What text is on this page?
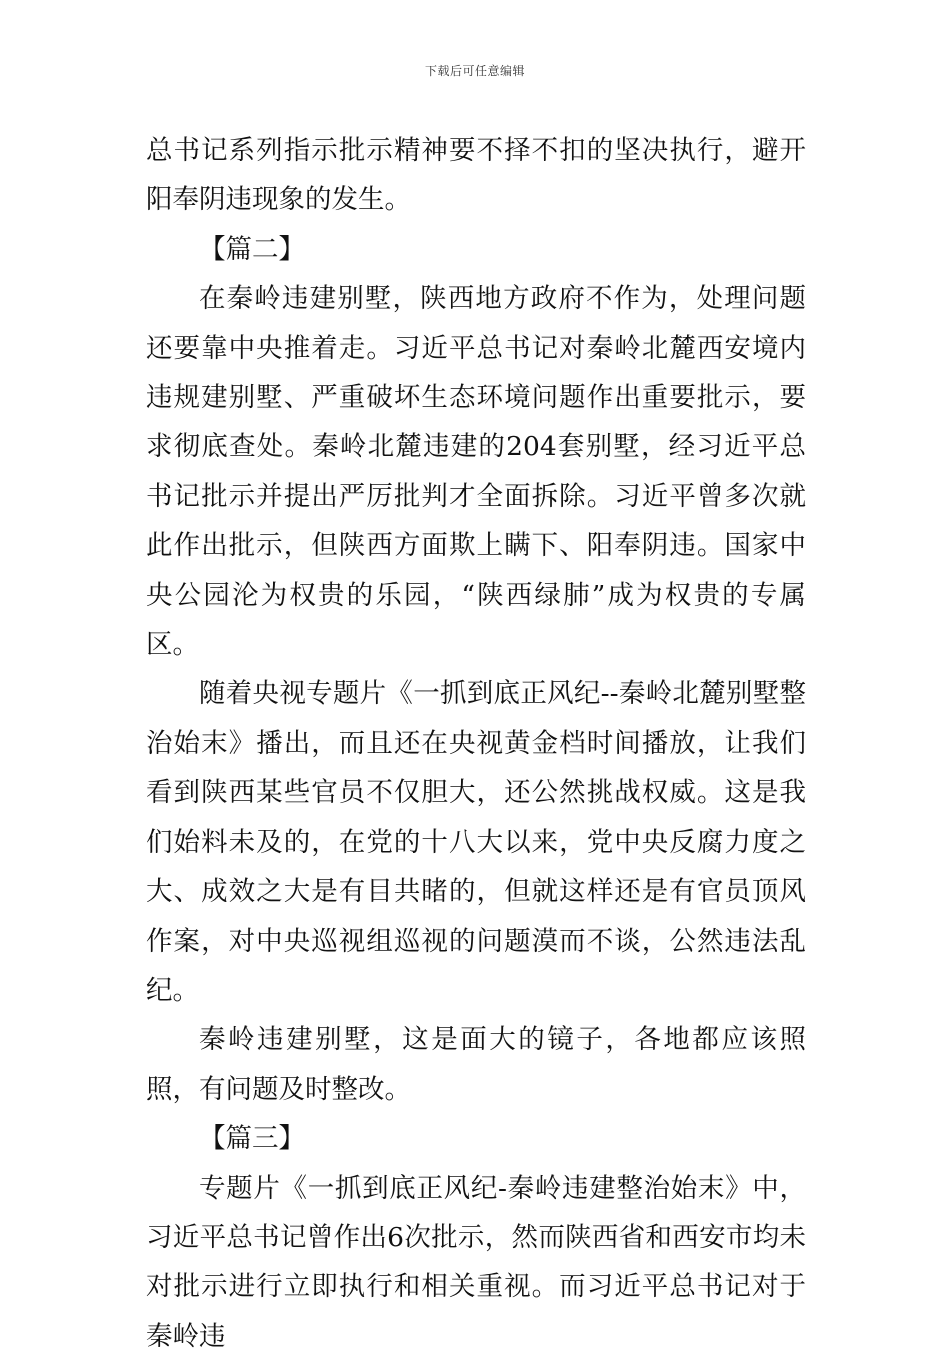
下载后可任意编辑

总书记系列指示批示精神要不择不扣的坚决执行，避开阳奉阴违现象的发生。

【篇二】

在秦岭违建别墅，陕西地方政府不作为，处理问题还要靠中央推着走。习近平总书记对秦岭北麓西安境内违规建别墅、严重破坏生态环境问题作出重要批示，要求彻底查处。秦岭北麓违建的204套别墅，经习近平总书记批示并提出严厉批判才全面拆除。习近平曾多次就此作出批示，但陕西方面欺上瞒下、阳奉阴违。国家中央公园沦为权贵的乐园，“陕西绿肺”成为权贵的专属区。

随着央视专题片《一抓到底正风纪--秦岭北麓别墅整治始末》播出，而且还在央视黄金档时间播放，让我们看到陕西某些官员不仅胆大，还公然挑战权威。这是我们始料未及的，在党的十八大以来，党中央反腐力度之大、成效之大是有目共睹的，但就这样还是有官员顶风作案，对中央巡视组巡视的问题漠而不谈，公然违法乱纪。

秦岭违建别墅，这是面大的镜子，各地都应该照照，有问题及时整改。

【篇三】

专题片《一抓到底正风纪-秦岭违建整治始末》中，习近平总书记曾作出6次批示，然而陕西省和西安市均未对批示进行立即执行和相关重视。而习近平总书记对于秦岭违
